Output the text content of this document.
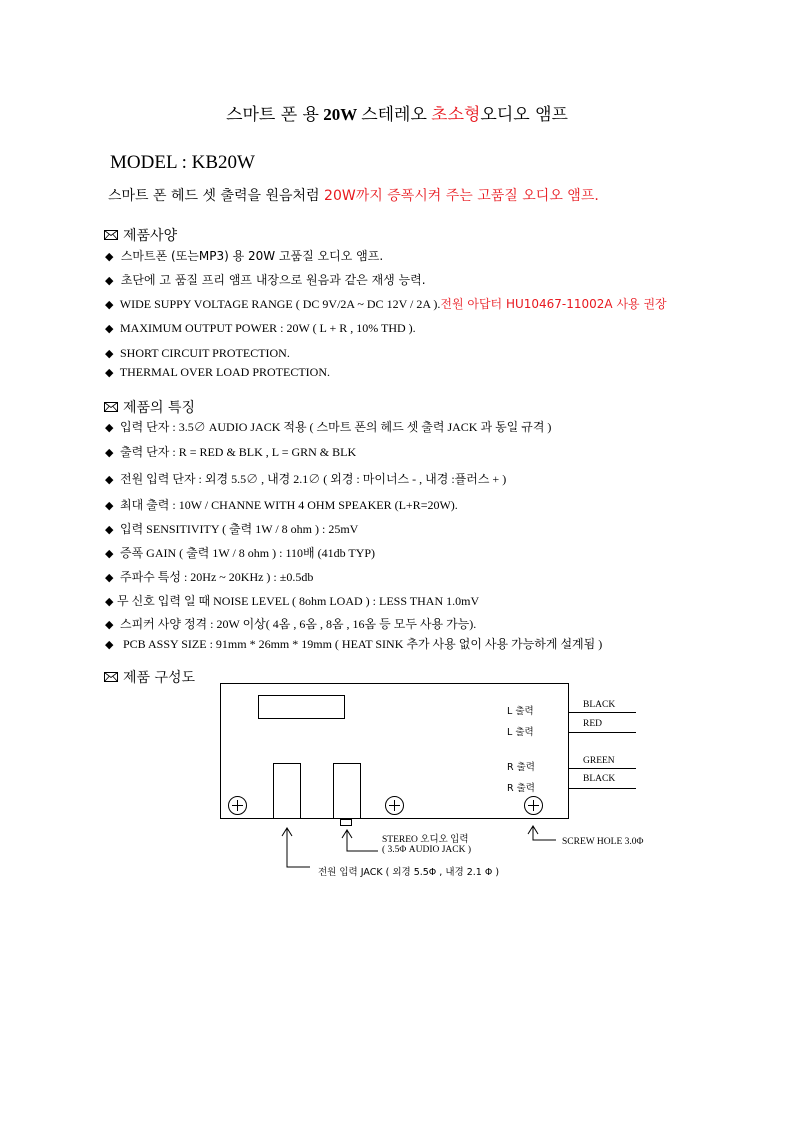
스마트 폰 용 20W 스테레오 초소형오디오 앰프
MODEL : KB20W
스마트 폰 헤드 셋 출력을 원음처럼 20W까지 증폭시켜 주는 고품질 오디오 앰프.
제품사양
◆ 스마트폰 (또는MP3) 용 20W 고품질 오디오 앰프.
◆ 초단에 고 품질 프리 앰프 내장으로 원음과 같은 재생 능력.
◆ WIDE SUPPY VOLTAGE RANGE ( DC 9V/2A ~ DC 12V / 2A ).전원 아답터 HU10467-11002A 사용 권장
◆ MAXIMUM OUTPUT POWER : 20W ( L + R , 10% THD ).
◆ SHORT CIRCUIT PROTECTION.
◆ THERMAL OVER LOAD PROTECTION.
제품의 특징
◆ 입력 단자 : 3.5∅ AUDIO JACK 적용 ( 스마트 폰의 헤드 셋 출력 JACK 과 동일 규격 )
◆ 출력 단자 : R = RED & BLK , L = GRN & BLK
◆ 전원 입력 단자 : 외경 5.5∅ , 내경 2.1∅ ( 외경 : 마이너스 - , 내경 :플러스 + )
◆ 최대 출력 : 10W / CHANNE WITH 4 OHM SPEAKER (L+R=20W).
◆ 입력 SENSITIVITY ( 출력 1W / 8 ohm ) : 25mV
◆ 증폭 GAIN ( 출력 1W / 8 ohm ) : 110배 (41db TYP)
◆ 주파수 특성 : 20Hz ~ 20KHz ) : ±0.5db
◆ 무 신호 입력 일 때 NOISE LEVEL ( 8ohm LOAD ) : LESS THAN 1.0mV
◆ 스피커 사양 정격 : 20W 이상( 4옴 , 6옴 , 8옴 , 16옴 등 모두 사용 가능).
◆ PCB ASSY SIZE : 91mm * 26mm * 19mm ( HEAT SINK 추가 사용 없이 사용 가능하게 설계됨 )
제품 구성도
L 출력
L 출력
R 출력
R 출력
BLACK
RED
GREEN
BLACK
STEREO 오디오 입력
( 3.5Φ AUDIO JACK )
SCREW HOLE 3.0Φ
전원 입력 JACK ( 외경 5.5Φ , 내경 2.1 Φ )
